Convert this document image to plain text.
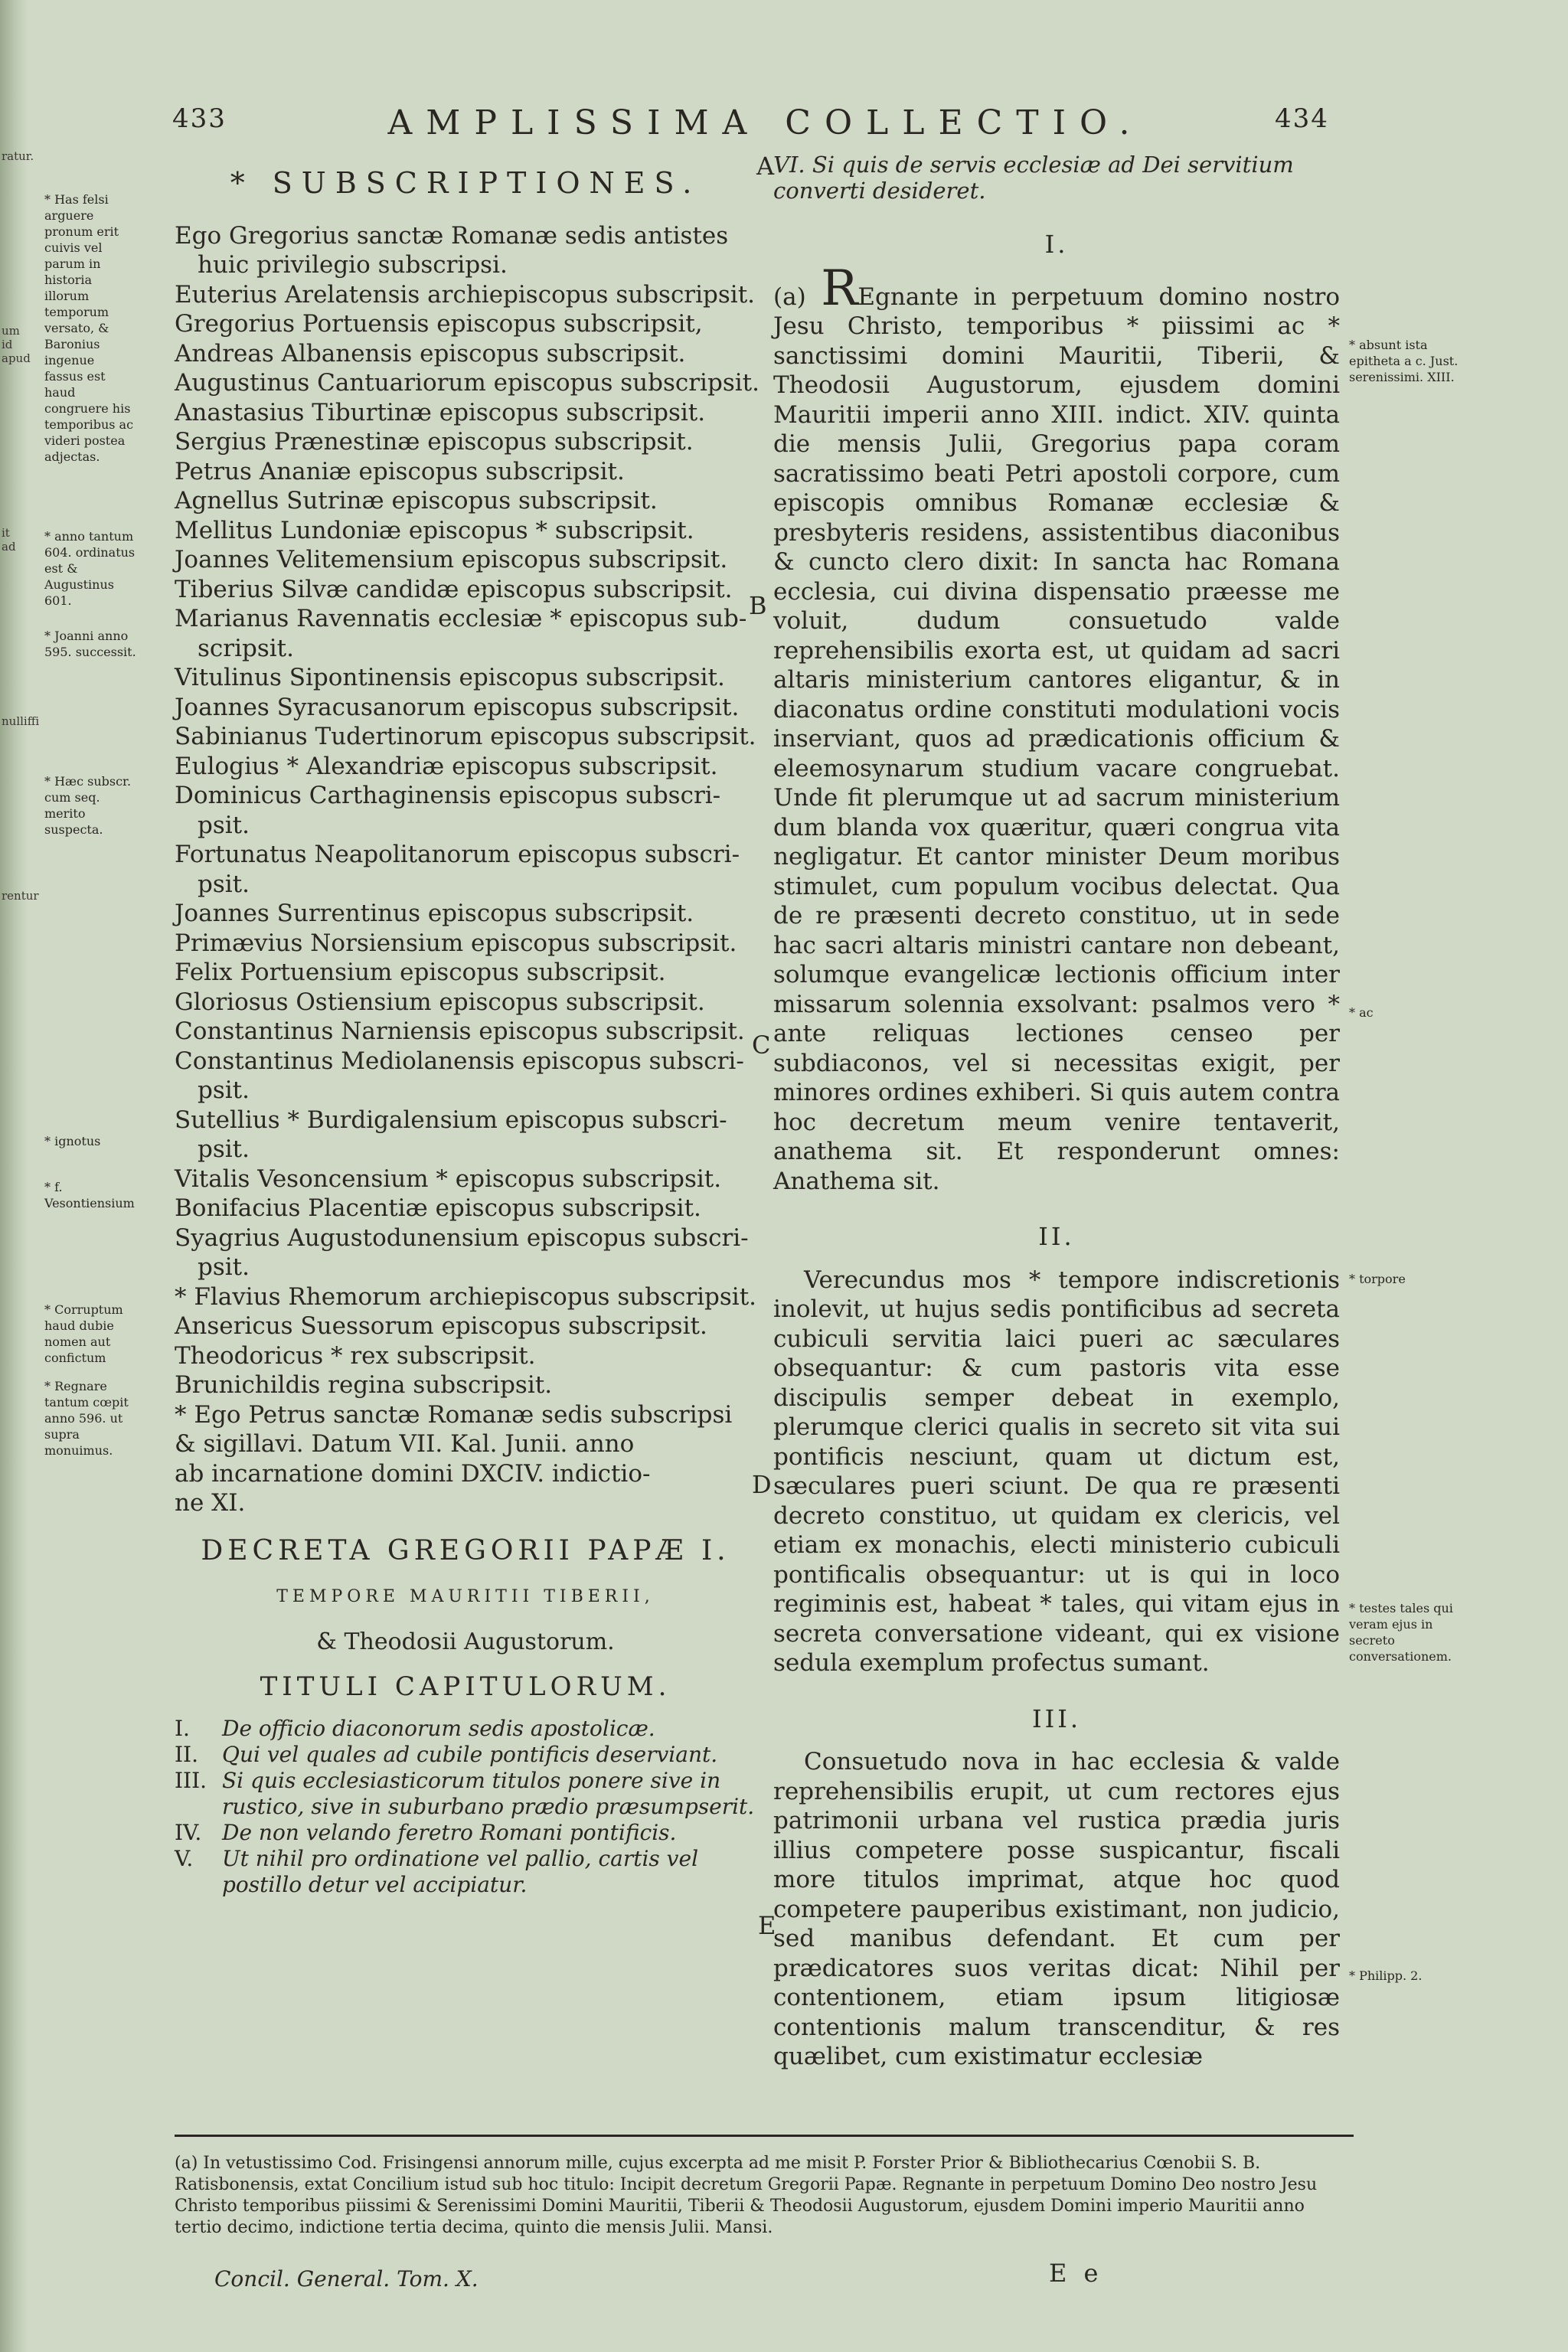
ratur.
um id apud
it ad
nulliffi
rentur
433	AMPLISSIMA COLLECTIO.	434
* Has felsi arguere pronum erit cuivis vel parum in historia illorum temporum versato, & Baronius ingenue fassus est haud congruere his temporibus ac videri postea adjectas.
* anno tantum 604. ordinatus est & Augustinus 601.
* Joanni anno 595. successit.
* Hæc subscr. cum seq. merito suspecta.
* ignotus
* f. Vesontiensium
* Corruptum haud dubie nomen aut confictum
* Regnare tantum cœpit anno 596. ut supra monuimus.
* SUBSCRIPTIONES.
Ego Gregorius sanctæ Romanæ sedis antistes
huic privilegio subscripsi.
Euterius Arelatensis archiepiscopus subscripsit.
Gregorius Portuensis episcopus subscripsit,
Andreas Albanensis episcopus subscripsit.
Augustinus Cantuariorum episcopus subscripsit.
Anastasius Tiburtinæ episcopus subscripsit.
Sergius Prænestinæ episcopus subscripsit.
Petrus Ananiæ episcopus subscripsit.
Agnellus Sutrinæ episcopus subscripsit.
Mellitus Lundoniæ episcopus * subscripsit.
Joannes Velitemensium episcopus subscripsit.
Tiberius Silvæ candidæ episcopus subscripsit.
Marianus Ravennatis ecclesiæ * episcopus sub-
scripsit.
Vitulinus Sipontinensis episcopus subscripsit.
Joannes Syracusanorum episcopus subscripsit.
Sabinianus Tudertinorum episcopus subscripsit.
Eulogius * Alexandriæ episcopus subscripsit.
Dominicus Carthaginensis episcopus subscri-
psit.
Fortunatus Neapolitanorum episcopus subscri-
psit.
Joannes Surrentinus episcopus subscripsit.
Primævius Norsiensium episcopus subscripsit.
Felix Portuensium episcopus subscripsit.
Gloriosus Ostiensium episcopus subscripsit.
Constantinus Narniensis episcopus subscripsit.
Constantinus Mediolanensis episcopus subscri-
psit.
Sutellius * Burdigalensium episcopus subscri-
psit.
Vitalis Vesoncensium * episcopus subscripsit.
Bonifacius Placentiæ episcopus subscripsit.
Syagrius Augustodunensium episcopus subscri-
psit.
* Flavius Rhemorum archiepiscopus subscripsit.
Ansericus Suessorum episcopus subscripsit.
Theodoricus * rex subscripsit.
Brunichildis regina subscripsit.
* Ego Petrus sanctæ Romanæ sedis subscripsi
& sigillavi. Datum VII. Kal. Junii. anno
ab incarnatione domini DXCIV. indictio-
ne XI.
DECRETA GREGORII PAPÆ I.
TEMPORE MAURITII TIBERII,
& Theodosii Augustorum.
TITULI CAPITULORUM.
I. De officio diaconorum sedis apostolicæ.
II. Qui vel quales ad cubile pontificis deserviant.
III. Si quis ecclesiasticorum titulos ponere sive in rustico, sive in suburbano prædio præsumpserit.
IV. De non velando feretro Romani pontificis.
V. Ut nihil pro ordinatione vel pallio, cartis vel postillo detur vel accipiatur.
A
B
C
D
E
VI. Si quis de servis ecclesiæ ad Dei servitium converti desideret.
I.
(a) REgnante in perpetuum domino nostro Jesu Christo, temporibus * piissimi ac * sanctissimi domini Mauritii, Tiberii, & Theodosii Augustorum, ejusdem domini Mauritii imperii anno XIII. indict. XIV. quinta die mensis Julii, Gregorius papa coram sacratissimo beati Petri apostoli corpore, cum episcopis omnibus Romanæ ecclesiæ & presbyteris residens, assistentibus diaconibus & cuncto clero dixit: In sancta hac Romana ecclesia, cui divina dispensatio præesse me voluit, dudum consuetudo valde reprehensibilis exorta est, ut quidam ad sacri altaris ministerium cantores eligantur, & in diaconatus ordine constituti modulationi vocis inserviant, quos ad prædicationis officium & eleemosynarum studium vacare congruebat. Unde fit plerumque ut ad sacrum ministerium dum blanda vox quæritur, quæri congrua vita negligatur. Et cantor minister Deum moribus stimulet, cum populum vocibus delectat. Qua de re præsenti decreto constituo, ut in sede hac sacri altaris ministri cantare non debeant, solumque evangelicæ lectionis officium inter missarum solennia exsolvant: psalmos vero * ante reliquas lectiones censeo per subdiaconos, vel si necessitas exigit, per minores ordines exhiberi. Si quis autem contra hoc decretum meum venire tentaverit, anathema sit. Et responderunt omnes: Anathema sit.
II.
Verecundus mos * tempore indiscretionis inolevit, ut hujus sedis pontificibus ad secreta cubiculi servitia laici pueri ac sæculares obsequantur: & cum pastoris vita esse discipulis semper debeat in exemplo, plerumque clerici qualis in secreto sit vita sui pontificis nesciunt, quam ut dictum est, sæculares pueri sciunt. De qua re præsenti decreto constituo, ut quidam ex clericis, vel etiam ex monachis, electi ministerio cubiculi pontificalis obsequantur: ut is qui in loco regiminis est, habeat * tales, qui vitam ejus in secreta conversatione videant, qui ex visione sedula exemplum profectus sumant.
III.
Consuetudo nova in hac ecclesia & valde reprehensibilis erupit, ut cum rectores ejus patrimonii urbana vel rustica prædia juris illius competere posse suspicantur, fiscali more titulos imprimat, atque hoc quod competere pauperibus existimant, non judicio, sed manibus defendant. Et cum per prædicatores suos veritas dicat: Nihil per contentionem, etiam ipsum litigiosæ contentionis malum transcenditur, & res quælibet, cum existimatur ecclesiæ
* absunt ista epitheta a c. Just. serenissimi. XIII.
* ac
* torpore
* testes tales qui veram ejus in secreto conversationem.
* Philipp. 2.
(a) In vetustissimo Cod. Frisingensi annorum mille, cujus excerpta ad me misit P. Forster Prior & Bibliothecarius Cœnobii S. B. Ratisbonensis, extat Concilium istud sub hoc titulo: Incipit decretum Gregorii Papæ. Regnante in perpetuum Domino Deo nostro Jesu Christo temporibus piissimi & Serenissimi Domini Mauritii, Tiberii & Theodosii Augustorum, ejusdem Domini imperio Mauritii anno tertio decimo, indictione tertia decima, quinto die mensis Julii. Mansi.
Concil. General. Tom. X.	E e
